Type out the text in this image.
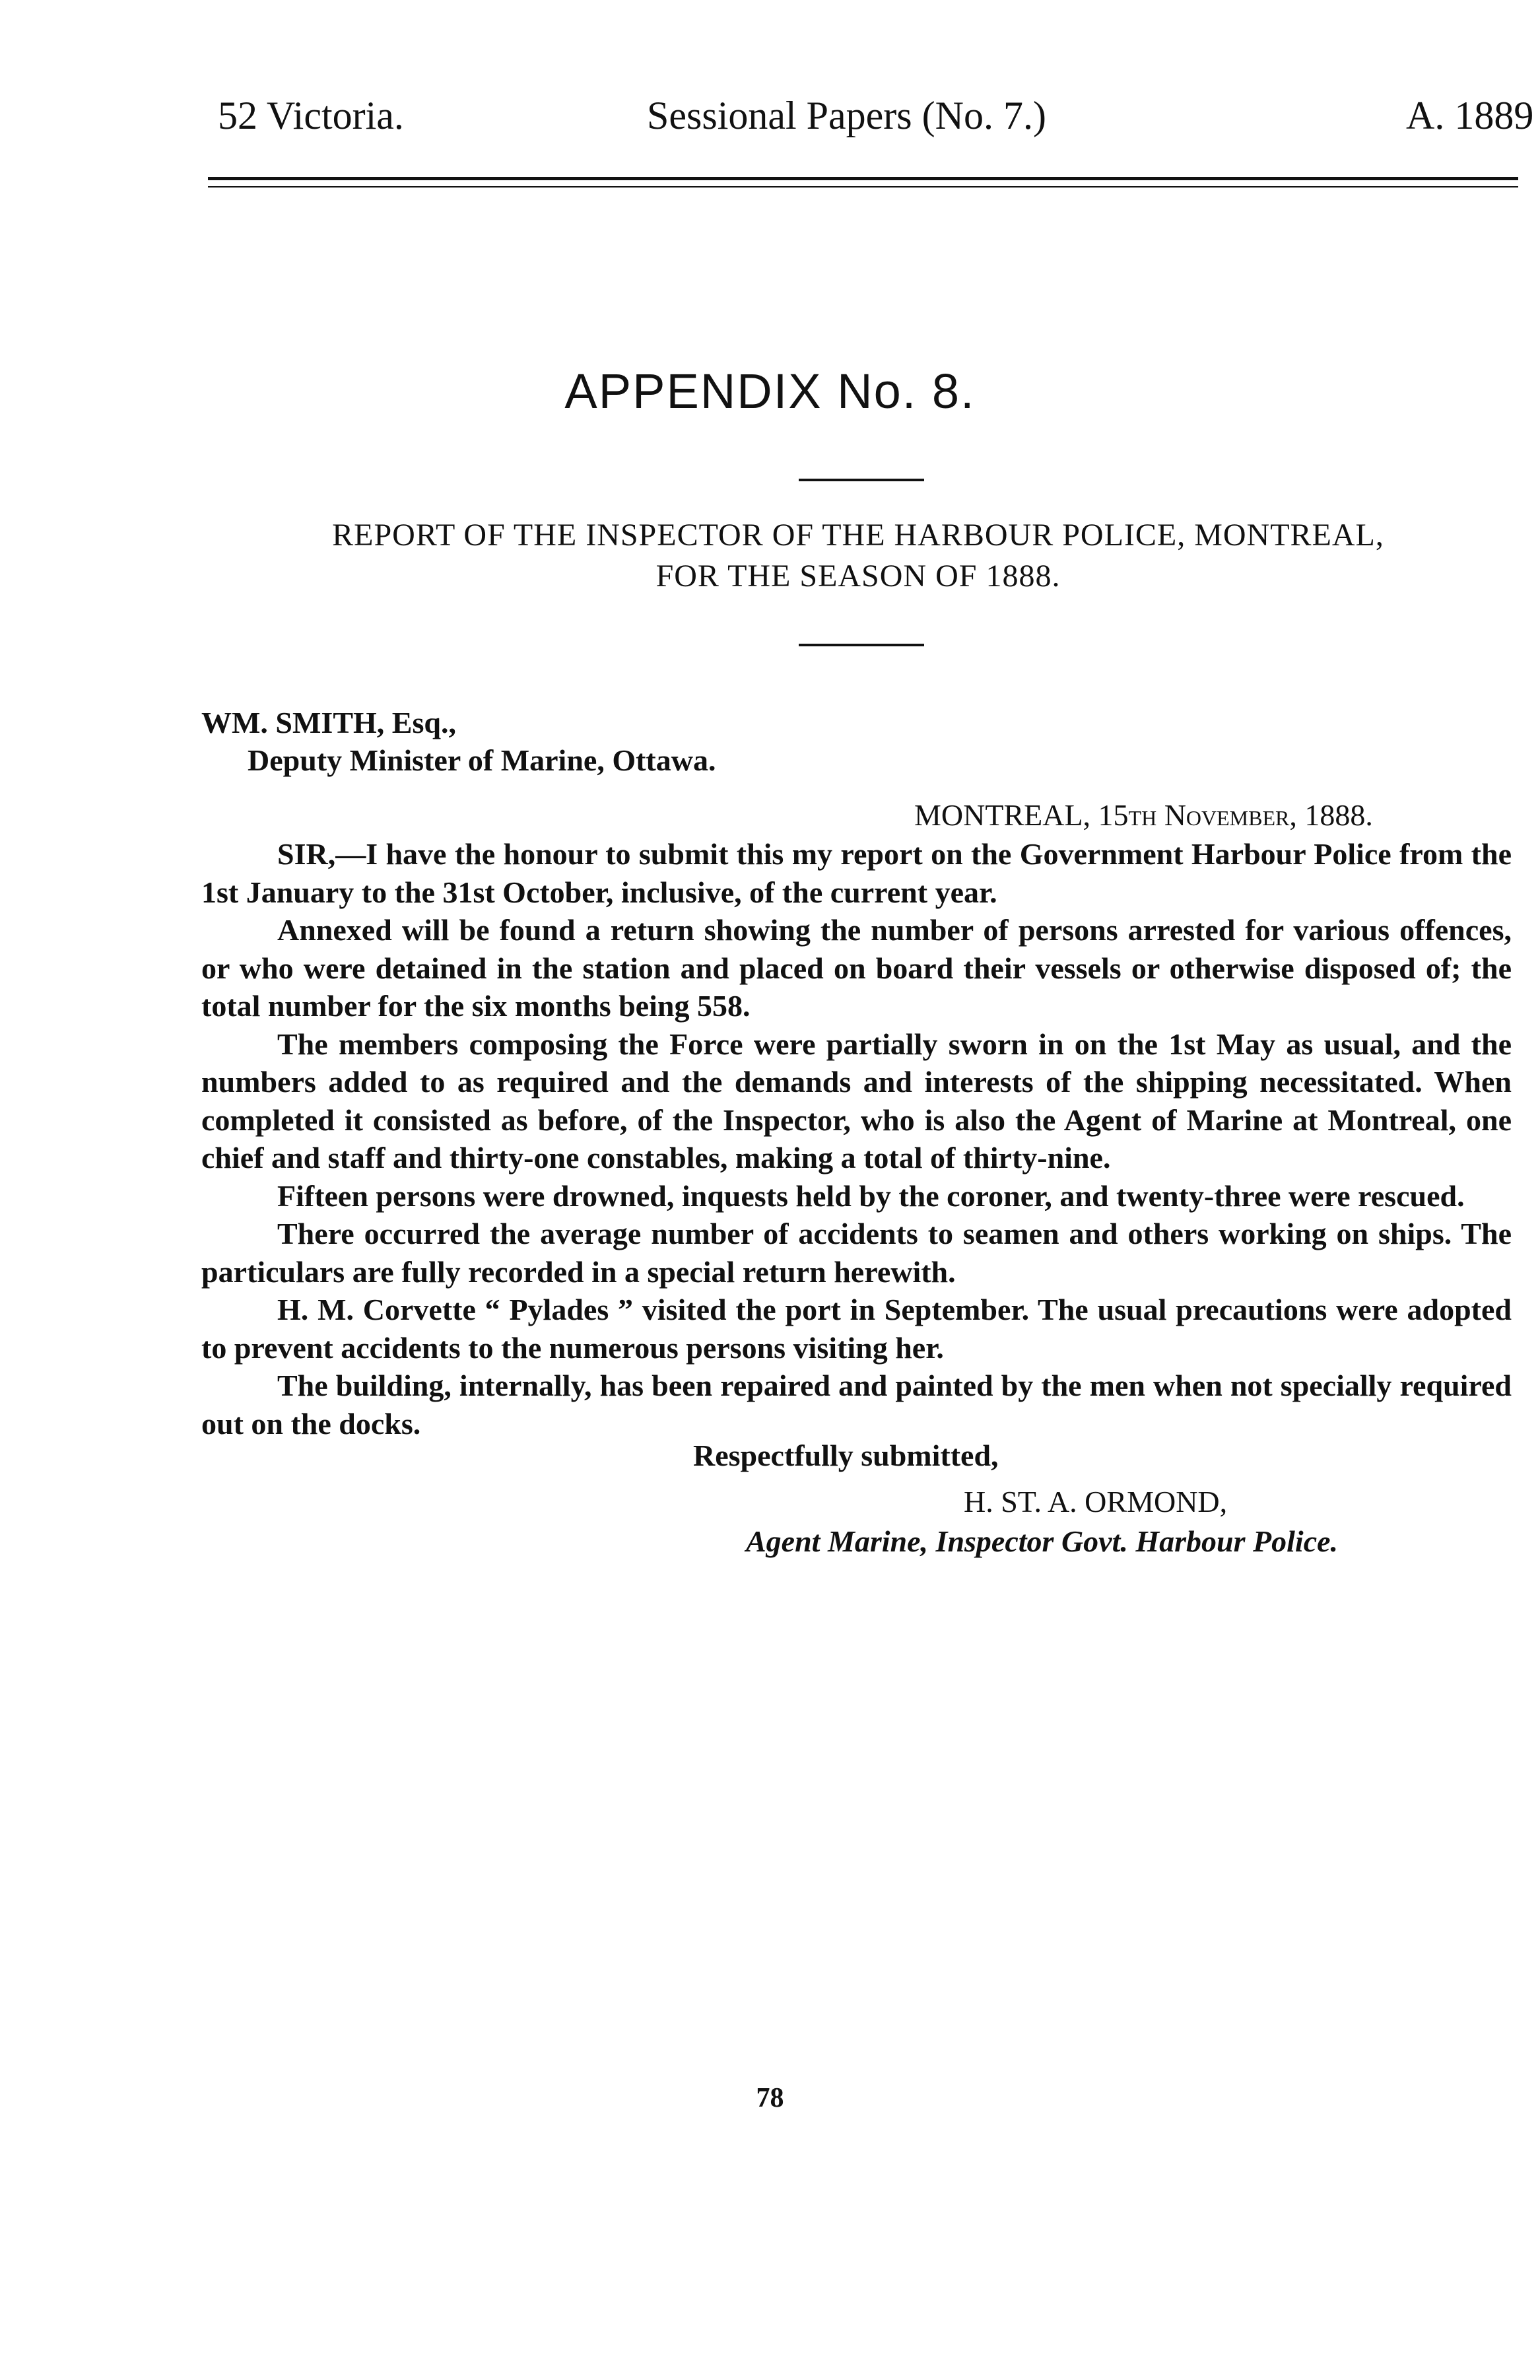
52 Victoria.	Sessional Papers (No. 7.)	A. 1889
APPENDIX No. 8.
REPORT OF THE INSPECTOR OF THE HARBOUR POLICE, MONTREAL,
FOR THE SEASON OF 1888.
WM. SMITH, Esq.,
Deputy Minister of Marine, Ottawa.
MONTREAL, 15th November, 1888.

SIR,—I have the honour to submit this my report on the Government Harbour Police from the 1st January to the 31st October, inclusive, of the current year.

Annexed will be found a return showing the number of persons arrested for various offences, or who were detained in the station and placed on board their vessels or otherwise disposed of; the total number for the six months being 558.

The members composing the Force were partially sworn in on the 1st May as usual, and the numbers added to as required and the demands and interests of the shipping necessitated. When completed it consisted as before, of the Inspector, who is also the Agent of Marine at Montreal, one chief and staff and thirty-one constables, making a total of thirty-nine.

Fifteen persons were drowned, inquests held by the coroner, and twenty-three were rescued.

There occurred the average number of accidents to seamen and others working on ships. The particulars are fully recorded in a special return herewith.

H. M. Corvette “ Pylades ” visited the port in September. The usual precautions were adopted to prevent accidents to the numerous persons visiting her.

The building, internally, has been repaired and painted by the men when not specially required out on the docks.

Respectfully submitted,
H. ST. A. ORMOND,
Agent Marine, Inspector Govt. Harbour Police.
78
